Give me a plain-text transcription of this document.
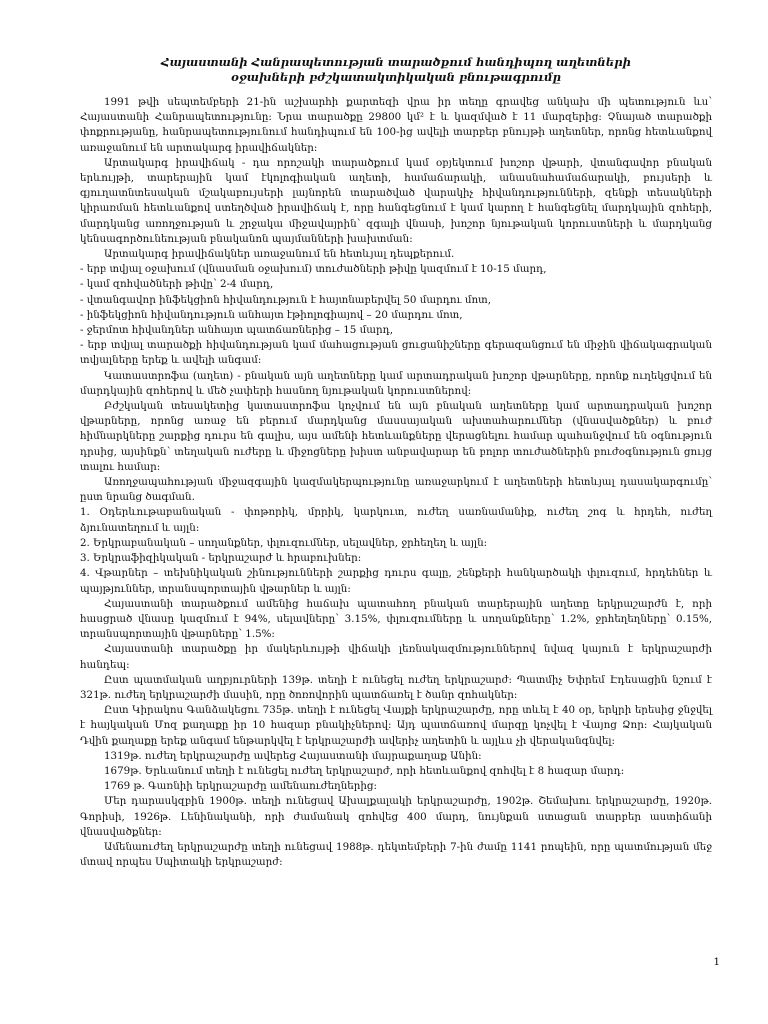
Հայաստանի Հանրապետության տարածքում հանդիպող աղետների
օջախների բժշկատակտիկական բնութագրումը

1991 թվի սեպտեմբերի 21-ին աշխարհի քարտեզի վրա իր տեղը գրավեց անկախ մի պետություն ևս՝ Հայաստանի Հանրապետությունը: Նրա տարածքը 29800 կմ² է և կազմված է 11 մարզերից: Չնայած տարածքի փոքրությանը, հանրապետությունում հանդիպում են 100-ից ավելի տարբեր բնույթի աղետներ, որոնց հետևանքով առաջանում են արտակարգ իրավիճակներ:

Արտակարգ իրավիճակ - դա որոշակի տարածքում կամ օբյեկտում խոշոր վթարի, վտանգավոր բնական երևույթի, տարերային կամ էկոլոգիական աղետի, համաճարակի, անասնահամաճարակի, բույսերի և գյուղատնտեսական մշակաբույսերի լայնորեն տարածված վարակիչ հիվանդությունների, զենքի տեսակների կիրառման հետևանքով ստեղծված իրավիճակ է, որը հանգեցնում է կամ կարող է հանգեցնել մարդկային զոհերի, մարդկանց առողջության և շրջակա միջավայրին՝ զգալի վնասի, խոշոր նյութական կորուստների և մարդկանց կենսագործունեության բնականոն պայմանների խախտման:

Արտակարգ իրավիճակներ առաջանում են հետևյալ դեպքերում.

- երբ տվյալ օջախում (վնասման օջախում) տուժածների թիվը կազմում է 10-15 մարդ,

- կամ զոհվածների թիվը՝ 2-4 մարդ,

- վտանգավոր ինֆեկցիոն հիվանդություն է հայտնաբերվել 50 մարդու մոտ,

- ինֆեկցիոն հիվանդություն անհայտ էթիոլոգիայով – 20 մարդու մոտ,

- ջերմոտ հիվանդներ անհայտ պատճառներից – 15 մարդ,

- երբ տվյալ տարածքի հիվանդության կամ մահացության ցուցանիշները գերազանցում են միջին վիճակագրական տվյալները երեք և ավելի անգամ:

Կատաստրոֆա (աղետ) - բնական այն աղետները կամ արտադրական խոշոր վթարները, որոնք ուղեկցվում են մարդկային զոհերով և մեծ չափերի հասնող նյութական կորուստներով:

Բժշկական տեսակետից կատաստրոֆա կոչվում են այն բնական աղետները կամ արտադրական խոշոր վթարները, որոնց առաջ են բերում մարդկանց մասսայական ախտահարումներ (վնասվածքներ) և բուժ հիմնարկները շարքից դուրս են գալիս, այս ամենի հետևանքները վերացնելու համար պահանջվում են օգնություն դրսից, այսինքն՝ տեղական ուժերը և միջոցները խիստ անբավարար են բոլոր տուժածներին բուժօգնություն ցույց տալու համար:

Առողջապահության միջազգային կազմակերպությունը առաջարկում է աղետների հետևյալ դասակարգումը՝ ըստ նրանց ծագման.

1. Օդերևութաբանական - փոթորիկ, մրրիկ, կարկուտ, ուժեղ սառնամանիք, ուժեղ շոգ և հրդեհ, ուժեղ ձյունատեղում և այլն:

2. Երկրաբանական – սողանքներ, փլուզումներ, սելավներ, ջրհեղեղ և այլն:

3. Երկրաֆիզիկական - երկրաշարժ և հրաբուխներ:

4. Վթարներ – տեխնիկական շինությունների շարքից դուրս գալը, շենքերի հանկարծակի փլուզում, հրդեհներ և պայթյուններ, տրանսպորտային վթարներ և այլն:

Հայաստանի տարածքում ամենից հաճախ պատահող բնական տարերային աղետը երկրաշարժն է, որի հասցրած վնասը կազմում է 94%, սելավները՝ 3.15%, փլուզումները և սողանքները՝ 1.2%, ջրհեղեղները՝ 0.15%, տրանսպորտային վթարները՝ 1.5%:

Հայաստանի տարածքը իր մակերևույթի վիճակի լեռնակազմություններով նվազ կայուն է երկրաշարժի հանդեպ:

Ըստ պատմական աղբյուրների 139թ. տեղի է ունեցել ուժեղ երկրաշարժ: Պատմիչ Եփրեմ Էդեսացին նշում է 321թ. ուժեղ երկրաշարժի մասին, որը ծոռովորին պատճառել է ծանր զոհակներ:

Ըստ Կիրակոս Գանձակեցու 735թ. տեղի է ունեցել Վայքի երկրաշարժը, որը տևել է 40 օր, երկրի երեսից ջնջվել է հայկական Մոզ քաղաքը իր 10 հազար բնակիչներով: Այդ պատճառով մարզը կոչվել է Վայոց Ձոր: Հայկական Դվին քաղաքը երեք անգամ ենթարկվել է երկրաշարժի ավերիչ աղետին և այլևս չի վերականգնվել:

1319թ. ուժեղ երկրաշարժը ավերեց Հայաստանի մայրաքաղաք Անին:

1679թ. Երևանում տեղի է ունեցել ուժեղ երկրաշարժ, որի հետևանքով զոհվել է 8 հազար մարդ:

1769 թ. Գառնիի երկրաշարժը ամենաուժեղներից:

Մեր դարասկզբին 1900թ. տեղի ունեցավ Ախալքալակի երկրաշարժը, 1902թ. Շեմախու երկրաշարժը, 1920թ. Գորիսի, 1926թ. Լենինականի, որի ժամանակ զոհվեց 400 մարդ, նույնքան ստացան տարբեր աստիճանի վնասվածքներ:

Ամենաուժեղ երկրաշարժը տեղի ունեցավ 1988թ. դեկտեմբերի 7-ին ժամը 1141 րոպեին, որը պատմության մեջ մտավ որպես Սպիտակի երկրաշարժ:

1
